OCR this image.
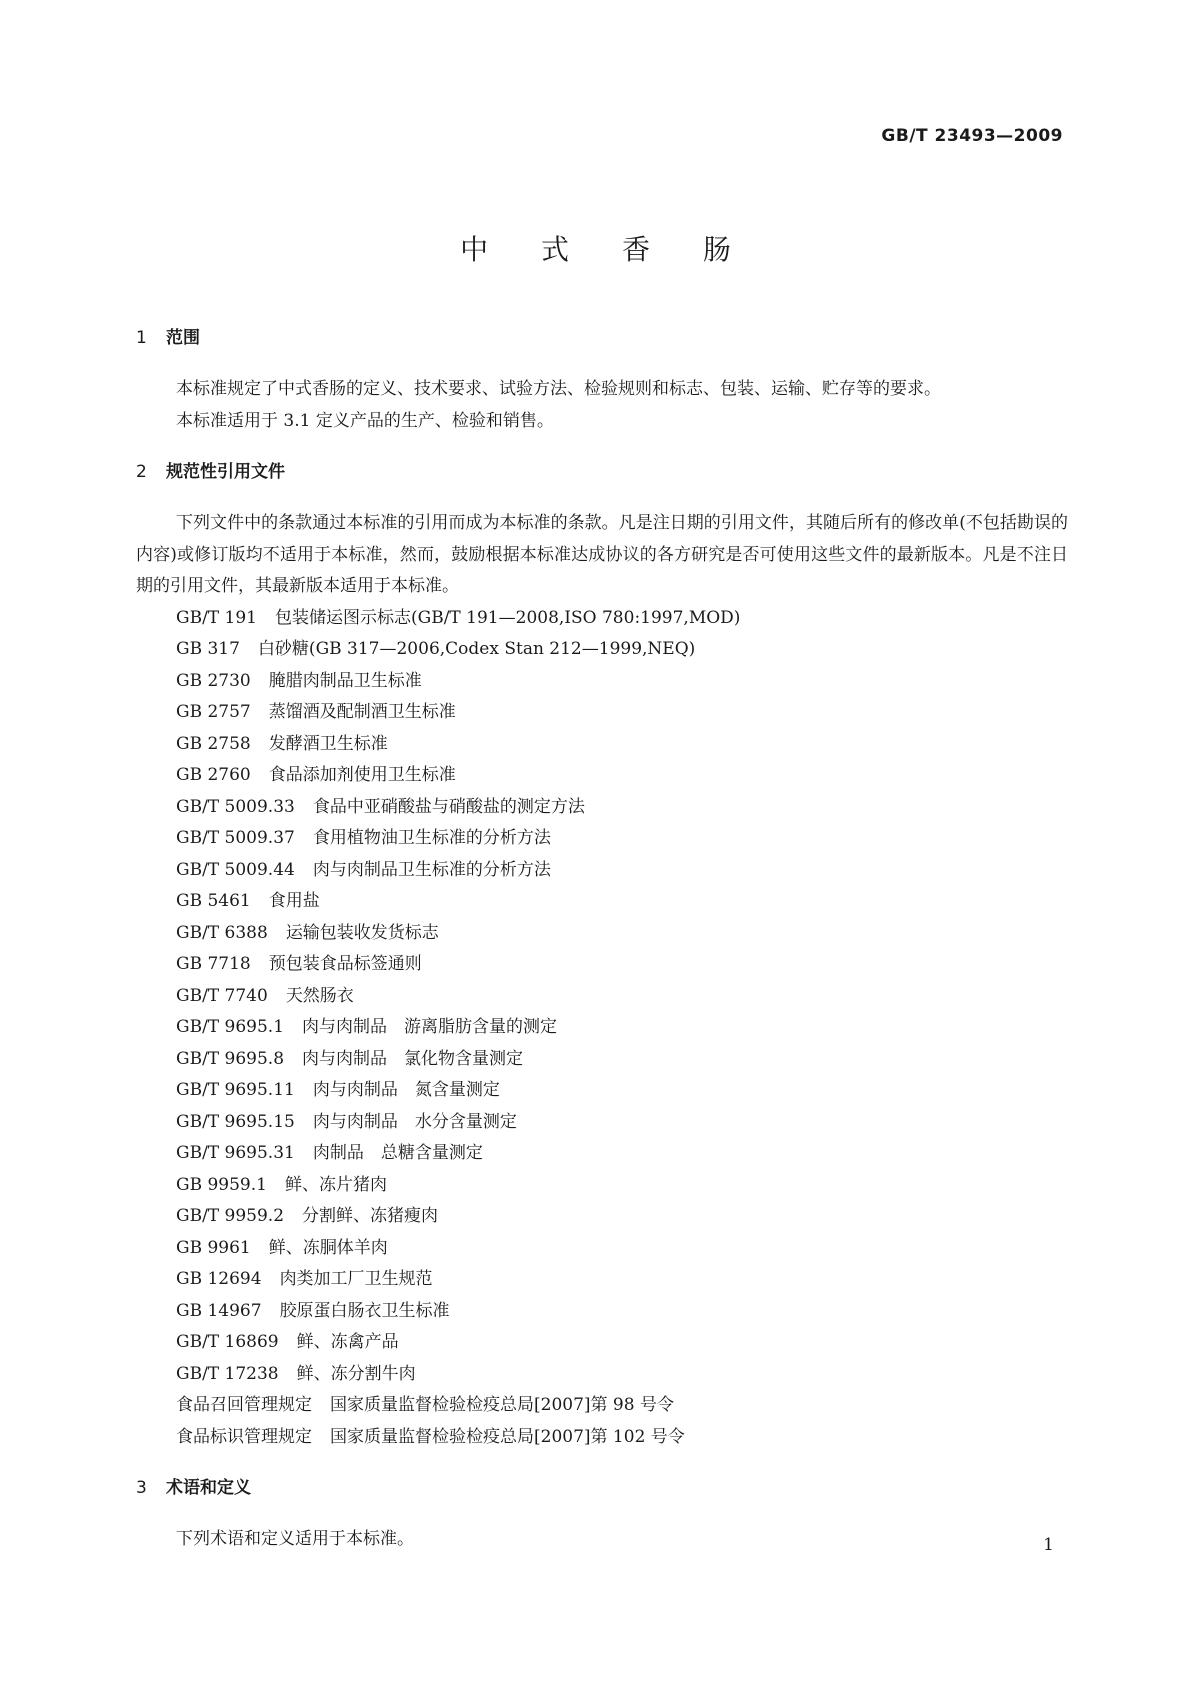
GB/T 23493—2009
中 式 香 肠
1 范围

本标准规定了中式香肠的定义、技术要求、试验方法、检验规则和标志、包装、运输、贮存等的要求。

本标准适用于 3.1 定义产品的生产、检验和销售。

2 规范性引用文件

下列文件中的条款通过本标准的引用而成为本标准的条款。凡是注日期的引用文件，其随后所有的修改单(不包括勘误的内容)或修订版均不适用于本标准，然而，鼓励根据本标准达成协议的各方研究是否可使用这些文件的最新版本。凡是不注日期的引用文件，其最新版本适用于本标准。

GB/T 191 包装储运图示标志(GB/T 191—2008,ISO 780:1997,MOD)
GB 317 白砂糖(GB 317—2006,Codex Stan 212—1999,NEQ)
GB 2730 腌腊肉制品卫生标准
GB 2757 蒸馏酒及配制酒卫生标准
GB 2758 发酵酒卫生标准
GB 2760 食品添加剂使用卫生标准
GB/T 5009.33 食品中亚硝酸盐与硝酸盐的测定方法
GB/T 5009.37 食用植物油卫生标准的分析方法
GB/T 5009.44 肉与肉制品卫生标准的分析方法
GB 5461 食用盐
GB/T 6388 运输包装收发货标志
GB 7718 预包装食品标签通则
GB/T 7740 天然肠衣
GB/T 9695.1 肉与肉制品　游离脂肪含量的测定
GB/T 9695.8 肉与肉制品　氯化物含量测定
GB/T 9695.11 肉与肉制品　氮含量测定
GB/T 9695.15 肉与肉制品　水分含量测定
GB/T 9695.31 肉制品　总糖含量测定
GB 9959.1 鲜、冻片猪肉
GB/T 9959.2 分割鲜、冻猪瘦肉
GB 9961 鲜、冻胴体羊肉
GB 12694 肉类加工厂卫生规范
GB 14967 胶原蛋白肠衣卫生标准
GB/T 16869 鲜、冻禽产品
GB/T 17238 鲜、冻分割牛肉
食品召回管理规定 国家质量监督检验检疫总局[2007]第 98 号令
食品标识管理规定 国家质量监督检验检疫总局[2007]第 102 号令
3 术语和定义

下列术语和定义适用于本标准。	1
